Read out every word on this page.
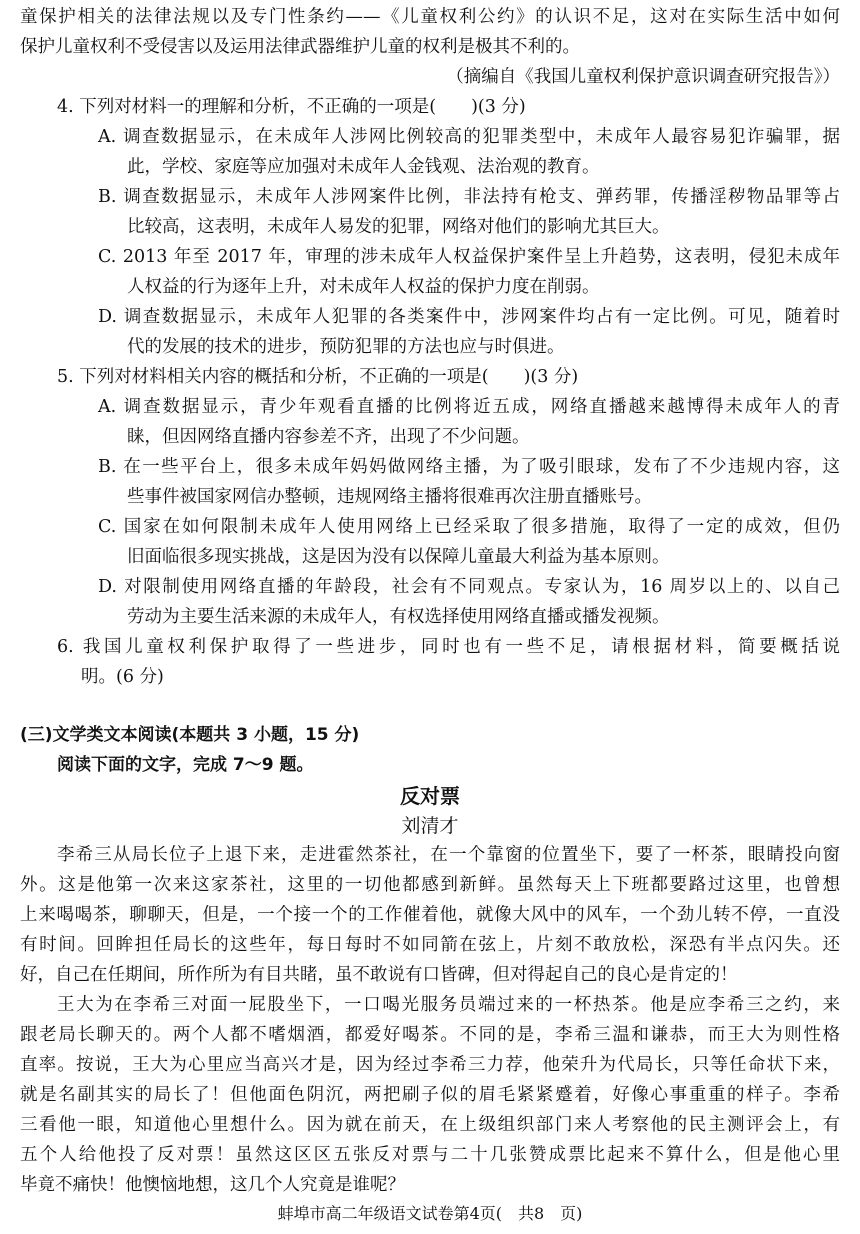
童保护相关的法律法规以及专门性条约——《儿童权利公约》的认识不足，这对在实际生活中如何
保护儿童权利不受侵害以及运用法律武器维护儿童的权利是极其不利的。
（摘编自《我国儿童权利保护意识调查研究报告》）
4. 下列对材料一的理解和分析，不正确的一项是(　　)(3 分)
A. 调查数据显示，在未成年人涉网比例较高的犯罪类型中，未成年人最容易犯诈骗罪，据
此，学校、家庭等应加强对未成年人金钱观、法治观的教育。
B. 调查数据显示，未成年人涉网案件比例，非法持有枪支、弹药罪，传播淫秽物品罪等占
比较高，这表明，未成年人易发的犯罪，网络对他们的影响尤其巨大。
C. 2013 年至 2017 年，审理的涉未成年人权益保护案件呈上升趋势，这表明，侵犯未成年
人权益的行为逐年上升，对未成年人权益的保护力度在削弱。
D. 调查数据显示，未成年人犯罪的各类案件中，涉网案件均占有一定比例。可见，随着时
代的发展的技术的进步，预防犯罪的方法也应与时俱进。
5. 下列对材料相关内容的概括和分析，不正确的一项是(　　)(3 分)
A. 调查数据显示，青少年观看直播的比例将近五成，网络直播越来越博得未成年人的青
睐，但因网络直播内容参差不齐，出现了不少问题。
B. 在一些平台上，很多未成年妈妈做网络主播，为了吸引眼球，发布了不少违规内容，这
些事件被国家网信办整顿，违规网络主播将很难再次注册直播账号。
C. 国家在如何限制未成年人使用网络上已经采取了很多措施，取得了一定的成效，但仍
旧面临很多现实挑战，这是因为没有以保障儿童最大利益为基本原则。
D. 对限制使用网络直播的年龄段，社会有不同观点。专家认为，16 周岁以上的、以自己
劳动为主要生活来源的未成年人，有权选择使用网络直播或播发视频。
6. 我国儿童权利保护取得了一些进步，同时也有一些不足，请根据材料，简要概括说
明。(6 分)
(三)文学类文本阅读(本题共 3 小题，15 分)
阅读下面的文字，完成 7～9 题。
反对票
刘清才
李希三从局长位子上退下来，走进霍然茶社，在一个靠窗的位置坐下，要了一杯茶，眼睛投向窗
外。这是他第一次来这家茶社，这里的一切他都感到新鲜。虽然每天上下班都要路过这里，也曾想
上来喝喝茶，聊聊天，但是，一个接一个的工作催着他，就像大风中的风车，一个劲儿转不停，一直没
有时间。回眸担任局长的这些年，每日每时不如同箭在弦上，片刻不敢放松，深恐有半点闪失。还
好，自己在任期间，所作所为有目共睹，虽不敢说有口皆碑，但对得起自己的良心是肯定的！
王大为在李希三对面一屁股坐下，一口喝光服务员端过来的一杯热茶。他是应李希三之约，来
跟老局长聊天的。两个人都不嗜烟酒，都爱好喝茶。不同的是，李希三温和谦恭，而王大为则性格
直率。按说，王大为心里应当高兴才是，因为经过李希三力荐，他荣升为代局长，只等任命状下来，
就是名副其实的局长了！但他面色阴沉，两把刷子似的眉毛紧紧蹙着，好像心事重重的样子。李希
三看他一眼，知道他心里想什么。因为就在前天，在上级组织部门来人考察他的民主测评会上，有
五个人给他投了反对票！虽然这区区五张反对票与二十几张赞成票比起来不算什么，但是他心里
毕竟不痛快！他懊恼地想，这几个人究竟是谁呢？
蚌埠市高二年级语文试卷第4页(　共8　页)
